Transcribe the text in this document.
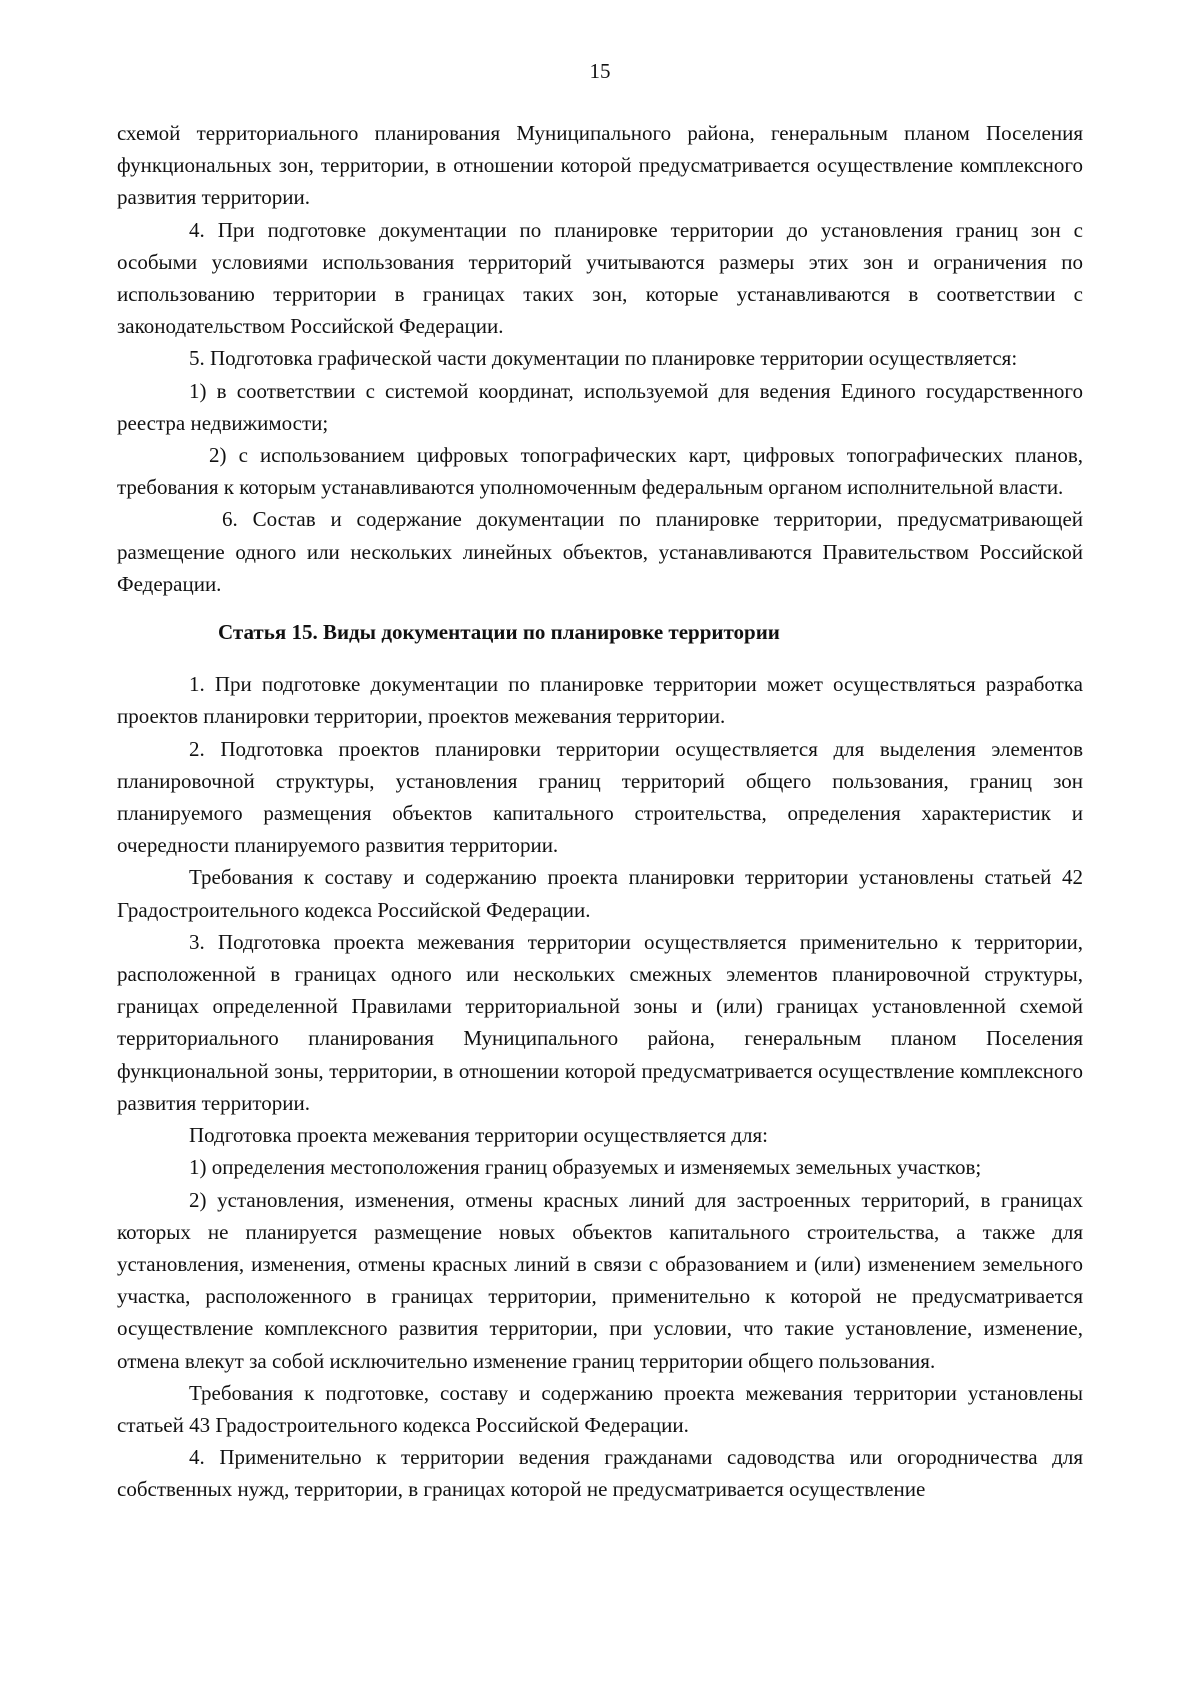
15

схемой территориального планирования Муниципального района, генеральным планом Поселения функциональных зон, территории, в отношении которой предусматривается осуществление комплексного развития территории.

4. При подготовке документации по планировке территории до установления границ зон с особыми условиями использования территорий учитываются размеры этих зон и ограничения по использованию территории в границах таких зон, которые устанавливаются в соответствии с законодательством Российской Федерации.

5. Подготовка графической части документации по планировке территории осуществляется:

1) в соответствии с системой координат, используемой для ведения Единого государственного реестра недвижимости;

2) с использованием цифровых топографических карт, цифровых топографических планов, требования к которым устанавливаются уполномоченным федеральным органом исполнительной власти.

6. Состав и содержание документации по планировке территории, предусматривающей размещение одного или нескольких линейных объектов, устанавливаются Правительством Российской Федерации.

Статья 15. Виды документации по планировке территории

1. При подготовке документации по планировке территории может осуществляться разработка проектов планировки территории, проектов межевания территории.

2. Подготовка проектов планировки территории осуществляется для выделения элементов планировочной структуры, установления границ территорий общего пользования, границ зон планируемого размещения объектов капитального строительства, определения характеристик и очередности планируемого развития территории.

Требования к составу и содержанию проекта планировки территории установлены статьей 42 Градостроительного кодекса Российской Федерации.

3. Подготовка проекта межевания территории осуществляется применительно к территории, расположенной в границах одного или нескольких смежных элементов планировочной структуры, границах определенной Правилами территориальной зоны и (или) границах установленной схемой территориального планирования Муниципального района, генеральным планом Поселения функциональной зоны, территории, в отношении которой предусматривается осуществление комплексного развития территории.

Подготовка проекта межевания территории осуществляется для:

1) определения местоположения границ образуемых и изменяемых земельных участков;

2) установления, изменения, отмены красных линий для застроенных территорий, в границах которых не планируется размещение новых объектов капитального строительства, а также для установления, изменения, отмены красных линий в связи с образованием и (или) изменением земельного участка, расположенного в границах территории, применительно к которой не предусматривается осуществление комплексного развития территории, при условии, что такие установление, изменение, отмена влекут за собой исключительно изменение границ территории общего пользования.

Требования к подготовке, составу и содержанию проекта межевания территории установлены статьей 43 Градостроительного кодекса Российской Федерации.

4. Применительно к территории ведения гражданами садоводства или огородничества для собственных нужд, территории, в границах которой не предусматривается осуществление
